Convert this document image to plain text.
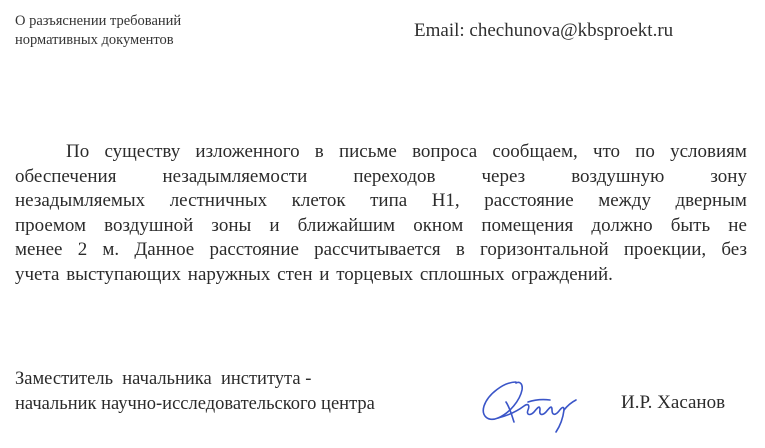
О разъяснении требований
нормативных документов	Email: chechunova@kbsproekt.ru
По существу изложенного в письме вопроса сообщаем, что по условиям
обеспечения незадымляемости переходов через воздушную зону
незадымляемых лестничных клеток типа Н1, расстояние между дверным
проемом воздушной зоны и ближайшим окном помещения должно быть не
менее 2 м. Данное расстояние рассчитывается в горизонтальной проекции, без
учета выступающих наружных стен и торцевых сплошных ограждений.
Заместитель  начальника  института -
начальник научно-исследовательского центра	И.Р. Хасанов
